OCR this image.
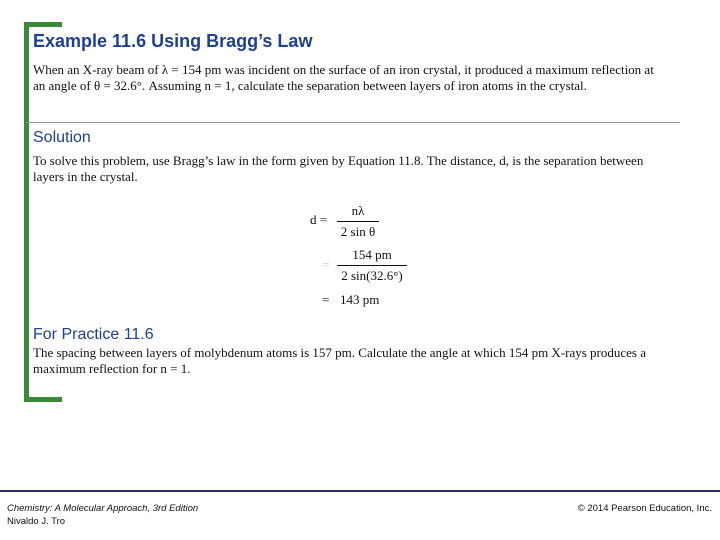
Example 11.6 Using Bragg’s Law

When an X-ray beam of λ = 154 pm was incident on the surface of an iron crystal, it produced a maximum reflection at an angle of θ = 32.6°. Assuming n = 1, calculate the separation between layers of iron atoms in the crystal.

Solution

To solve this problem, use Bragg’s law in the form given by Equation 11.8. The distance, d, is the separation between layers in the crystal.

d =
nλ
2 sin θ
=
154 pm
2 sin(32.6°)
= 143 pm
For Practice 11.6

The spacing between layers of molybdenum atoms is 157 pm. Calculate the angle at which 154 pm X-rays produces a maximum reflection for n = 1.

Chemistry: A Molecular Approach, 3rd Edition

Nivaldo J. Tro

© 2014 Pearson Education, Inc.
